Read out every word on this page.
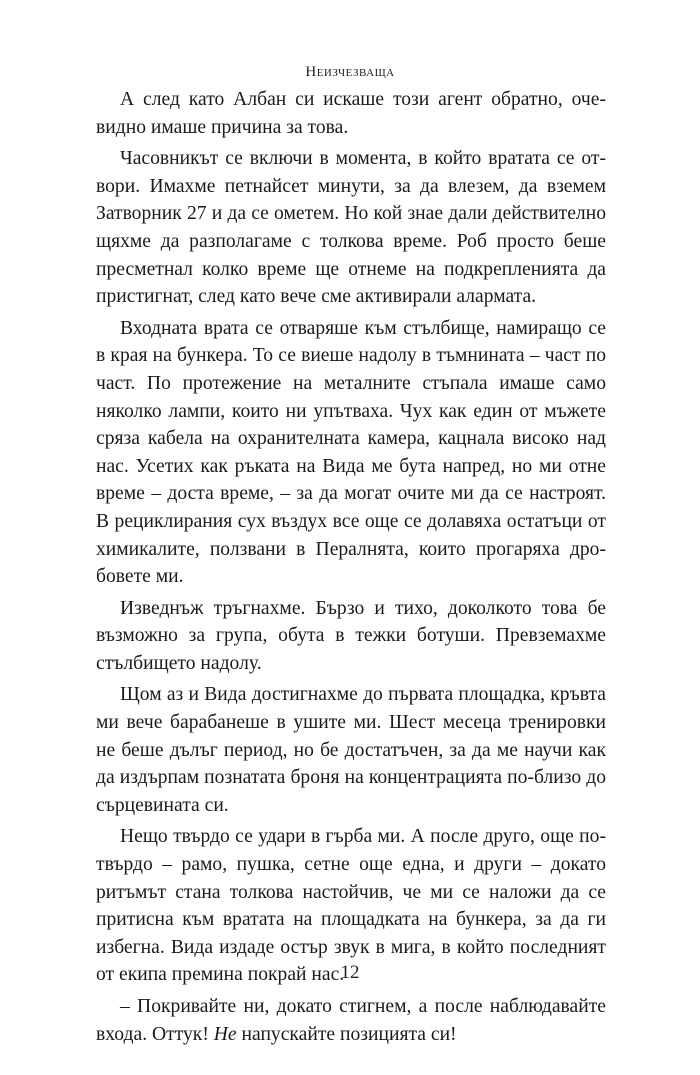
Неизчезваща

А след като Албан си искаше този агент обратно, очевидно имаше причина за това.

Часовникът се включи в момента, в който вратата се отвори. Имахме петнайсет минути, за да влезем, да вземем Затворник 27 и да се ометем. Но кой знае дали действително щяхме да разполагаме с толкова време. Роб просто беше пресметнал колко време ще отнеме на подкрепленията да пристигнат, след като вече сме активирали алармата.

Входната врата се отваряше към стълбище, намиращо се в края на бункера. То се виеше надолу в тъмнината – част по част. По протежение на металните стъпала имаше само няколко лампи, които ни упътваха. Чух как един от мъжете сряза кабела на охранителната камера, кацнала високо над нас. Усетих как ръката на Вида ме бута напред, но ми отне време – доста време, – за да могат очите ми да се настроят. В рециклирания сух въздух все още се долавяха остатъци от химикалите, ползвани в Пералнята, които прогаряха дробовете ми.

Изведнъж тръгнахме. Бързо и тихо, доколкото това бе възможно за група, обута в тежки ботуши. Превземахме стълбището надолу.

Щом аз и Вида достигнахме до първата площадка, кръвта ми вече барабанеше в ушите ми. Шест месеца тренировки не беше дълъг период, но бе достатъчен, за да ме научи как да издърпам познатата броня на концентрацията по-близо до сърцевината си.

Нещо твърдо се удари в гърба ми. А после друго, още по-твърдо – рамо, пушка, сетне още една, и други – докато ритъмът стана толкова настойчив, че ми се наложи да се притисна към вратата на площадката на бункера, за да ги избегна. Вида издаде остър звук в мига, в който последният от екипа премина покрай нас.

– Покривайте ни, докато стигнем, а после наблюдавайте входа. Оттук! Не напускайте позицията си!

12
